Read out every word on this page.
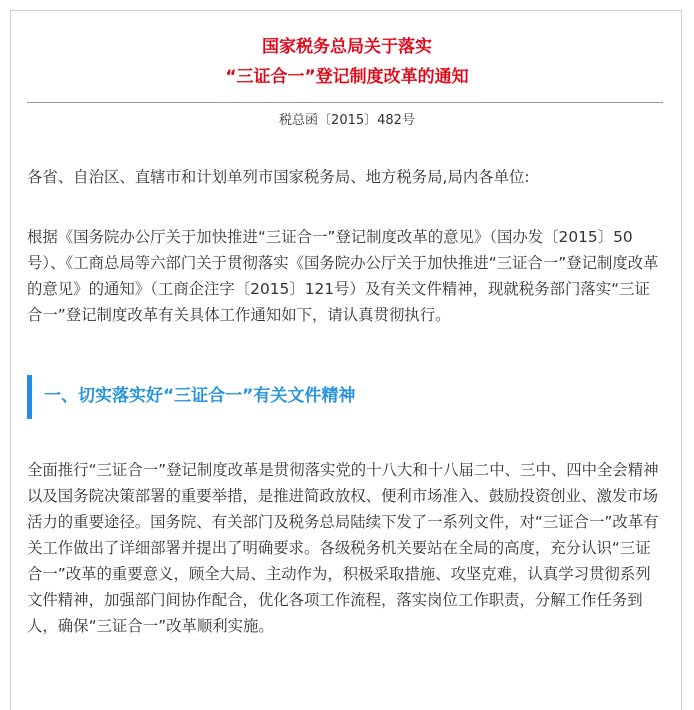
国家税务总局关于落实
“三证合一”登记制度改革的通知
税总函〔2015〕482号

各省、自治区、直辖市和计划单列市国家税务局、地方税务局,局内各单位:

根据《国务院办公厅关于加快推进“三证合一”登记制度改革的意见》（国办发〔2015〕50号）、《工商总局等六部门关于贯彻落实《国务院办公厅关于加快推进“三证合一”登记制度改革的意见》的通知》（工商企注字〔2015〕121号）及有关文件精神，现就税务部门落实“三证合一”登记制度改革有关具体工作通知如下，请认真贯彻执行。

一、切实落实好“三证合一”有关文件精神

全面推行“三证合一”登记制度改革是贯彻落实党的十八大和十八届二中、三中、四中全会精神以及国务院决策部署的重要举措，是推进简政放权、便利市场准入、鼓励投资创业、激发市场活力的重要途径。国务院、有关部门及税务总局陆续下发了一系列文件，对“三证合一”改革有关工作做出了详细部署并提出了明确要求。各级税务机关要站在全局的高度，充分认识“三证合一”改革的重要意义，顾全大局、主动作为，积极采取措施、攻坚克难，认真学习贯彻系列文件精神，加强部门间协作配合，优化各项工作流程，落实岗位工作职责，分解工作任务到人，确保“三证合一”改革顺利实施。
